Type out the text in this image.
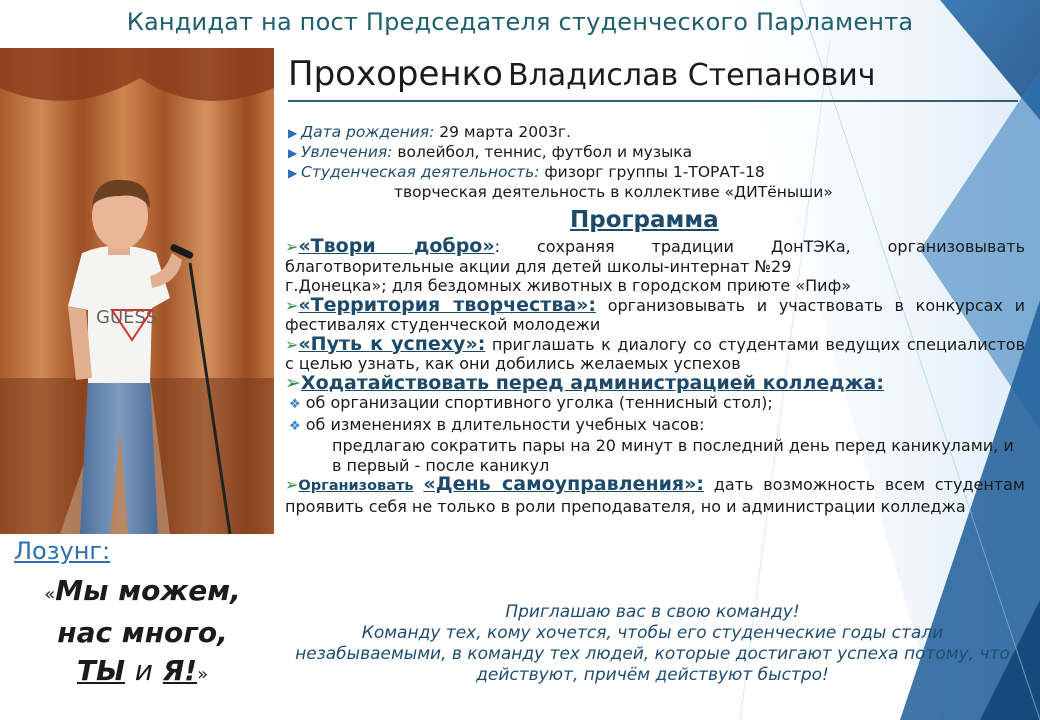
Кандидат на пост Председателя студенческого Парламента
GUESS
Прохоренко Владислав Степанович
▶ Дата рождения: 29 марта 2003г.
▶ Увлечения: волейбол, теннис, футбол и музыка
▶ Студенческая деятельность: физорг группы 1-ТОРАТ-18
творческая деятельность в коллективе «ДИТёныши»
Программа
➢«Твори добро»: сохраняя традиции ДонТЭКа, организовывать благотворительные акции для детей школы-интернат №29
г.Донецка»; для бездомных животных в городском приюте «Пиф»
➢«Территория творчества»: организовывать и участвовать в конкурсах и фестивалях студенческой молодежи
➢«Путь к успеху»: приглашать к диалогу со студентами ведущих специалистов с целью узнать, как они добились желаемых успехов
➢Ходатайствовать перед администрацией колледжа:
❖ об организации спортивного уголка (теннисный стол);
❖ об изменениях в длительности учебных часов:
предлагаю сократить пары на 20 минут в последний день перед каникулами, и в первый - после каникул
➢Организовать «День самоуправления»: дать возможность всем студентам проявить себя не только в роли преподавателя, но и администрации колледжа
Приглашаю вас в свою команду!
Команду тех, кому хочется, чтобы его студенческие годы стали незабываемыми, в команду тех людей, которые достигают успеха потому, что действуют, причём действуют быстро!
Лозунг:
«Мы можем,
нас много,
ТЫ и Я!»
